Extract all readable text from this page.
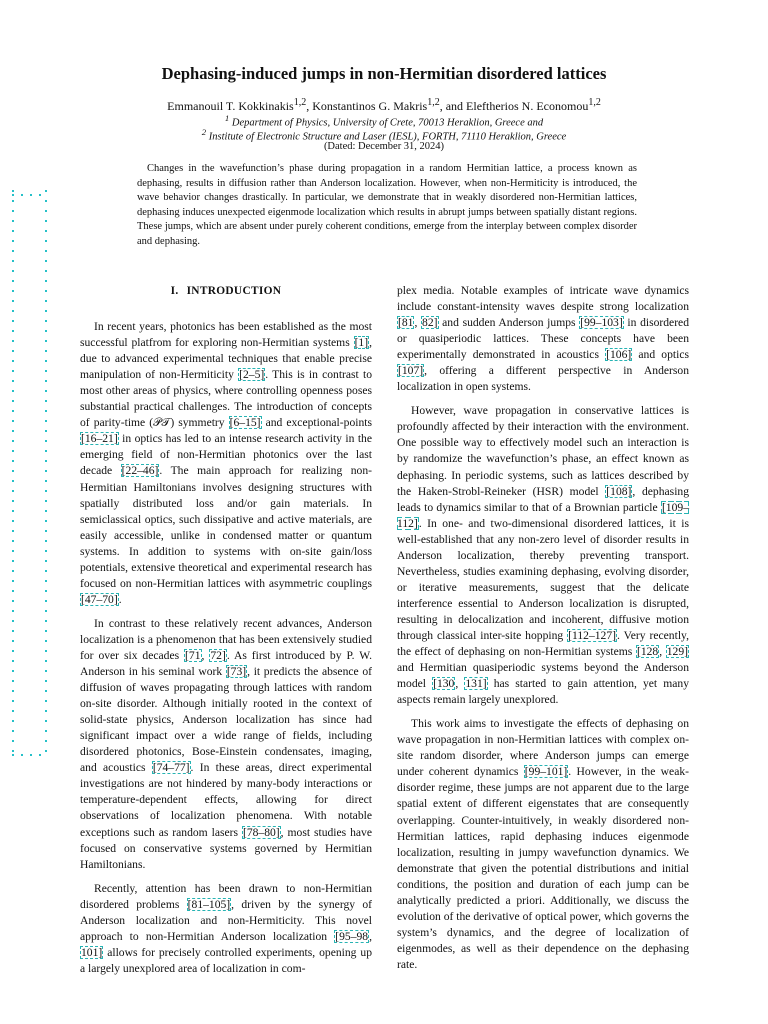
Dephasing-induced jumps in non-Hermitian disordered lattices
Emmanouil T. Kokkinakis$^{1,2}$, Konstantinos G. Makris$^{1,2}$, and Eleftherios N. Economou$^{1,2}$
$^1$ Department of Physics, University of Crete, 70013 Heraklion, Greece and
$^2$ Institute of Electronic Structure and Laser (IESL), FORTH, 71110 Heraklion, Greece
(Dated: December 31, 2024)

Changes in the wavefunction’s phase during propagation in a random Hermitian lattice, a process known as dephasing, results in diffusion rather than Anderson localization. However, when non-Hermiticity is introduced, the wave behavior changes drastically. In particular, we demonstrate that in weakly disordered non-Hermitian lattices, dephasing induces unexpected eigenmode localization which results in abrupt jumps between spatially distant regions. These jumps, which are absent under purely coherent conditions, emerge from the interplay between complex disorder and dephasing.

I. INTRODUCTION

In recent years, photonics has been established as the most successful platfrom for exploring non-Hermitian systems [1], due to advanced experimental techniques that enable precise manipulation of non-Hermiticity [2–5]. This is in contrast to most other areas of physics, where controlling openness poses substantial practical challenges. The introduction of concepts of parity-time (𝒫𝒯) symmetry [6–15] and exceptional-points [16–21] in optics has led to an intense research activity in the emerging field of non-Hermitian photonics over the last decade [22–46]. The main approach for realizing non-Hermitian Hamiltonians involves designing structures with spatially distributed loss and/or gain materials. In semiclassical optics, such dissipative and active materials, are easily accessible, unlike in condensed matter or quantum systems. In addition to systems with on-site gain/loss potentials, extensive theoretical and experimental research has focused on non-Hermitian lattices with asymmetric couplings [47–70].

In contrast to these relatively recent advances, Anderson localization is a phenomenon that has been extensively studied for over six decades [71, 72]. As first introduced by P. W. Anderson in his seminal work [73], it predicts the absence of diffusion of waves propagating through lattices with random on-site disorder. Although initially rooted in the context of solid-state physics, Anderson localization has since had significant impact over a wide range of fields, including disordered photonics, Bose-Einstein condensates, imaging, and acoustics [74–77]. In these areas, direct experimental investigations are not hindered by many-body interactions or temperature-dependent effects, allowing for direct observations of localization phenomena. With notable exceptions such as random lasers [78–80], most studies have focused on conservative systems governed by Hermitian Hamiltonians.

Recently, attention has been drawn to non-Hermitian disordered problems [81–105], driven by the synergy of Anderson localization and non-Hermiticity. This novel approach to non-Hermitian Anderson localization [95–98, 101] allows for precisely controlled experiments, opening up a largely unexplored area of localization in com-

plex media. Notable examples of intricate wave dynamics include constant-intensity waves despite strong localization [81, 82] and sudden Anderson jumps [99–103] in disordered or quasiperiodic lattices. These concepts have been experimentally demonstrated in acoustics [106] and optics [107], offering a different perspective in Anderson localization in open systems.

However, wave propagation in conservative lattices is profoundly affected by their interaction with the environment. One possible way to effectively model such an interaction is by randomize the wavefunction’s phase, an effect known as dephasing. In periodic systems, such as lattices described by the Haken-Strobl-Reineker (HSR) model [108], dephasing leads to dynamics similar to that of a Brownian particle [109–112]. In one- and two-dimensional disordered lattices, it is well-established that any non-zero level of disorder results in Anderson localization, thereby preventing transport. Nevertheless, studies examining dephasing, evolving disorder, or iterative measurements, suggest that the delicate interference essential to Anderson localization is disrupted, resulting in delocalization and incoherent, diffusive motion through classical inter-site hopping [112–127]. Very recently, the effect of dephasing on non-Hermitian systems [128, 129] and Hermitian quasiperiodic systems beyond the Anderson model [130, 131] has started to gain attention, yet many aspects remain largely unexplored.

This work aims to investigate the effects of dephasing on wave propagation in non-Hermitian lattices with complex on-site random disorder, where Anderson jumps can emerge under coherent dynamics [99–101]. However, in the weak-disorder regime, these jumps are not apparent due to the large spatial extent of different eigenstates that are consequently overlapping. Counter-intuitively, in weakly disordered non-Hermitian lattices, rapid dephasing induces eigenmode localization, resulting in jumpy wavefunction dynamics. We demonstrate that given the potential distributions and initial conditions, the position and duration of each jump can be analytically predicted a priori. Additionally, we discuss the evolution of the derivative of optical power, which governs the system’s dynamics, and the degree of localization of eigenmodes, as well as their dependence on the dephasing rate.
